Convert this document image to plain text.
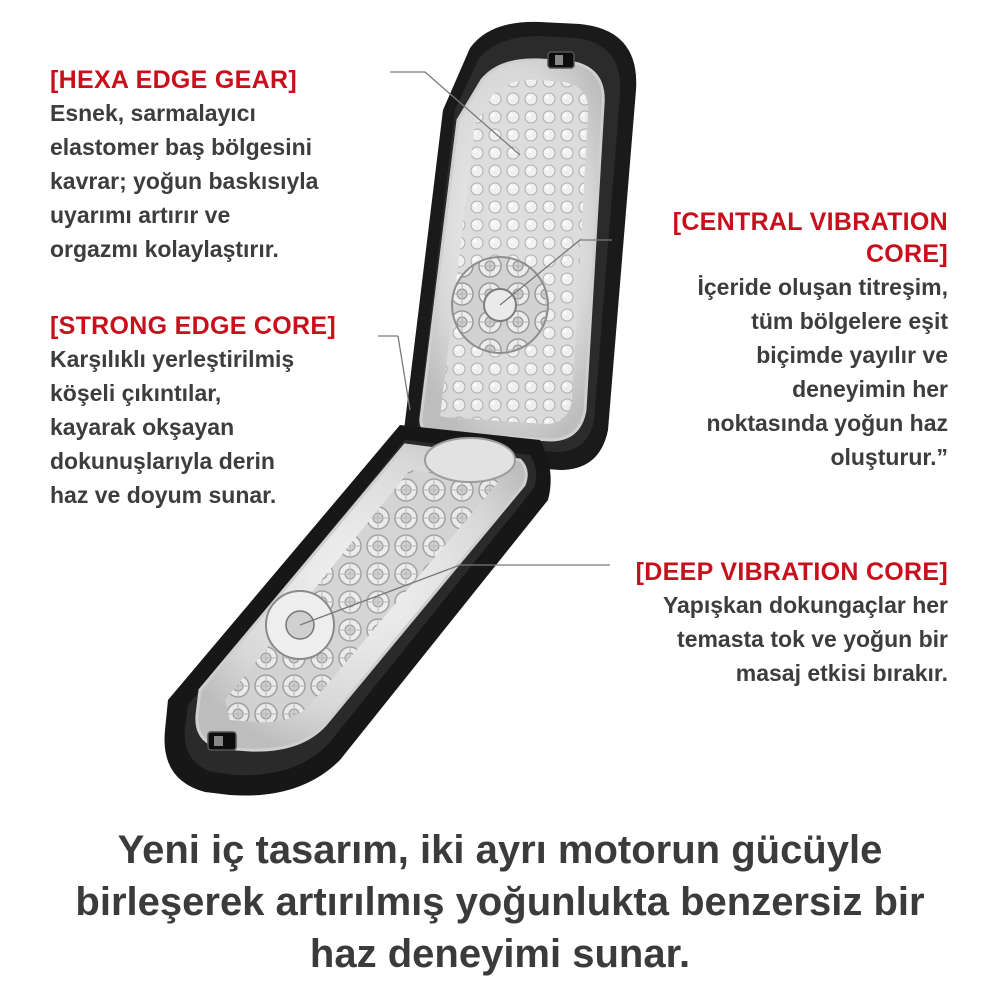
[HEXA EDGE GEAR]
Esnek, sarmalayıcı
elastomer baş bölgesini
kavrar; yoğun baskısıyla
uyarımı artırır ve
orgazmı kolaylaştırır.
[STRONG EDGE CORE]
Karşılıklı yerleştirilmiş
köşeli çıkıntılar,
kayarak okşayan
dokunuşlarıyla derin
haz ve doyum sunar.
[CENTRAL VIBRATION
CORE]
İçeride oluşan titreşim,
tüm bölgelere eşit
biçimde yayılır ve
deneyimin her
noktasında yoğun haz
oluşturur.”
[DEEP VIBRATION CORE]
Yapışkan dokungaçlar her
temasta tok ve yoğun bir
masaj etkisi bırakır.
Yeni iç tasarım, iki ayrı motorun gücüyle
birleşerek artırılmış yoğunlukta benzersiz bir
haz deneyimi sunar.
